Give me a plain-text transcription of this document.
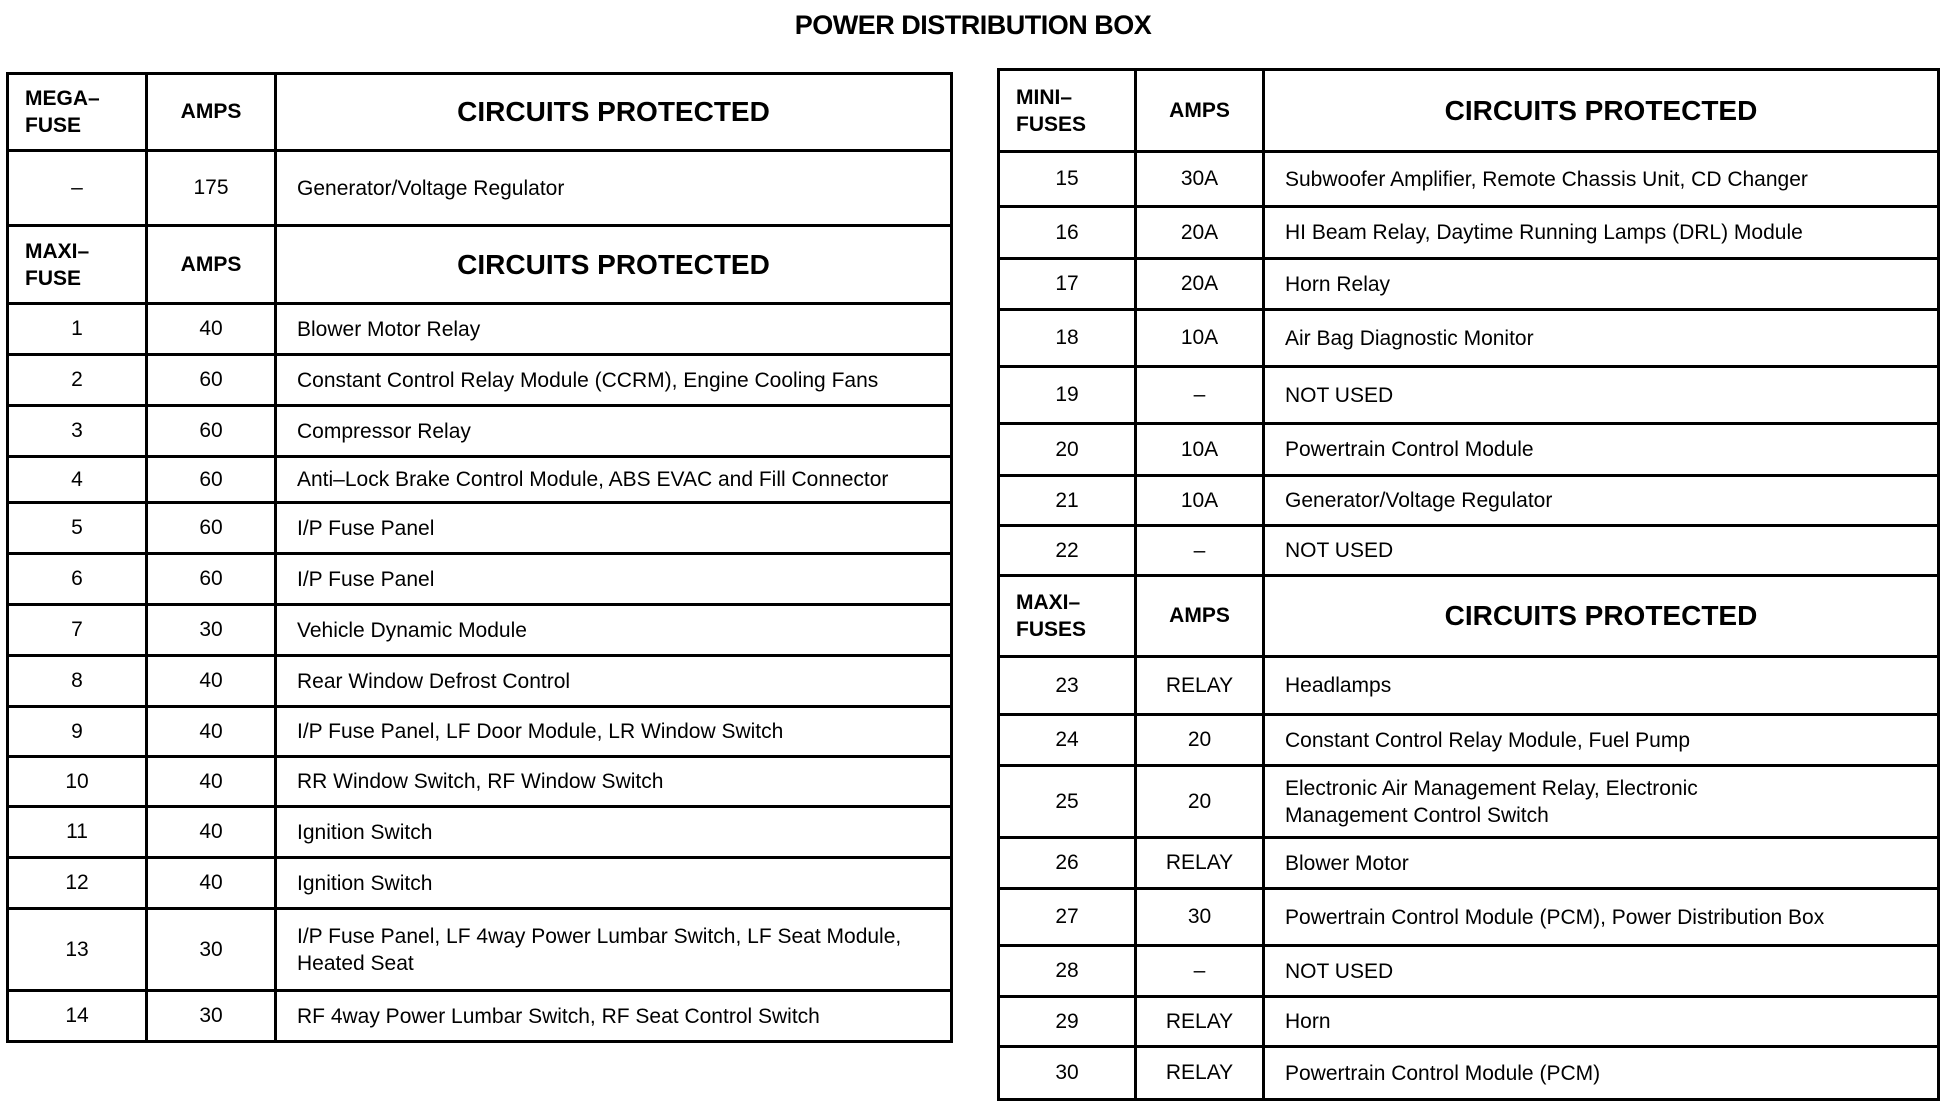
POWER DISTRIBUTION BOX
MEGA–
FUSE	AMPS	CIRCUITS PROTECTED
–	175	Generator/Voltage Regulator
MAXI–
FUSE	AMPS	CIRCUITS PROTECTED
1	40	Blower Motor Relay
2	60	Constant Control Relay Module (CCRM), Engine Cooling Fans
3	60	Compressor Relay
4	60	Anti–Lock Brake Control Module, ABS EVAC and Fill Connector
5	60	I/P Fuse Panel
6	60	I/P Fuse Panel
7	30	Vehicle Dynamic Module
8	40	Rear Window Defrost Control
9	40	I/P Fuse Panel, LF Door Module, LR Window Switch
10	40	RR Window Switch, RF Window Switch
11	40	Ignition Switch
12	40	Ignition Switch
13	30	I/P Fuse Panel, LF 4way Power Lumbar Switch, LF Seat Module,
Heated Seat
14	30	RF 4way Power Lumbar Switch, RF Seat Control Switch
MINI–
FUSES	AMPS	CIRCUITS PROTECTED
15	30A	Subwoofer Amplifier, Remote Chassis Unit, CD Changer
16	20A	HI Beam Relay, Daytime Running Lamps (DRL) Module
17	20A	Horn Relay
18	10A	Air Bag Diagnostic Monitor
19	–	NOT USED
20	10A	Powertrain Control Module
21	10A	Generator/Voltage Regulator
22	–	NOT USED
MAXI–
FUSES	AMPS	CIRCUITS PROTECTED
23	RELAY	Headlamps
24	20	Constant Control Relay Module, Fuel Pump
25	20	Electronic Air Management Relay, Electronic
Management Control Switch
26	RELAY	Blower Motor
27	30	Powertrain Control Module (PCM), Power Distribution Box
28	–	NOT USED
29	RELAY	Horn
30	RELAY	Powertrain Control Module (PCM)
